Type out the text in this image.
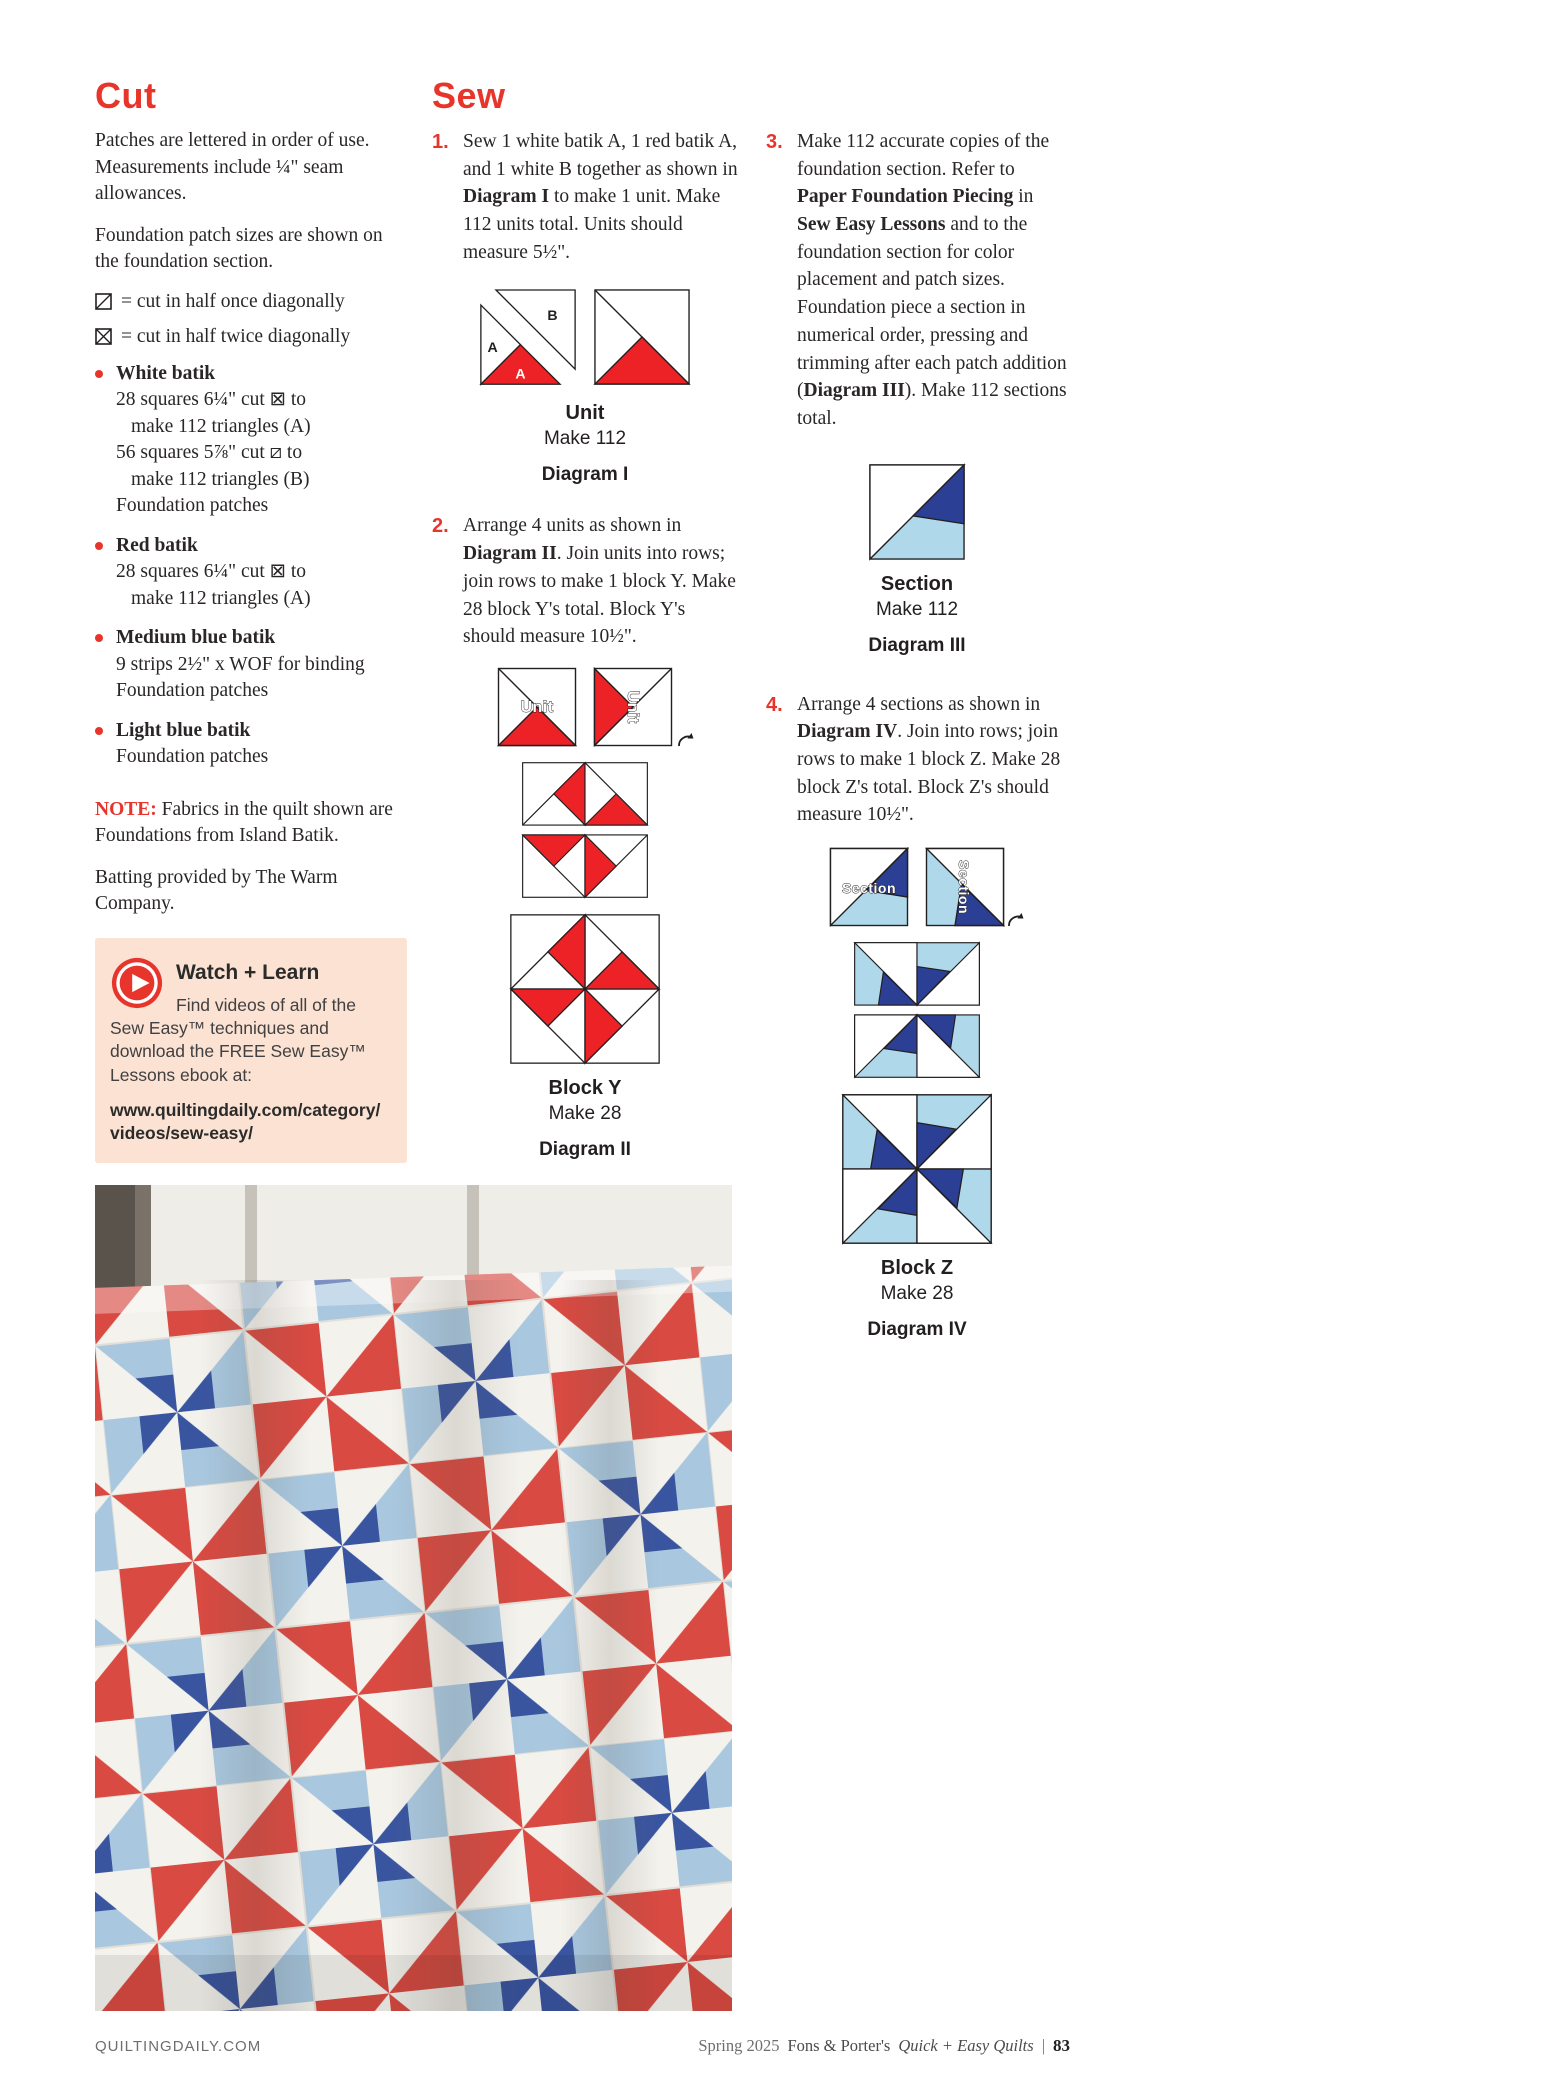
Cut

Patches are lettered in order of use. Measurements include ¼" seam allowances.

Foundation patch sizes are shown on the foundation section.

= cut in half once diagonally
= cut in half twice diagonally
White batik
28 squares 6¼" cut ⊠ to
make 112 triangles (A)
56 squares 5⅞" cut ⧄ to
make 112 triangles (B)
Foundation patches
Red batik
28 squares 6¼" cut ⊠ to
make 112 triangles (A)
Medium blue batik
9 strips 2½" x WOF for binding
Foundation patches
Light blue batik
Foundation patches

NOTE: Fabrics in the quilt shown are Foundations from Island Batik.

Batting provided by The Warm Company.

Watch + Learn

Find videos of all of the Sew Easy™ techniques and download the FREE Sew Easy™ Lessons ebook at:

www.quiltingdaily.com/category/
videos/sew-easy/
Sew
1. Sew 1 white batik A, 1 red batik A, and 1 white B together as shown in Diagram I to make 1 unit. Make 112 units total. Units should measure 5½".

A
B
A
Unit
Make 112
Diagram I
2. Arrange 4 units as shown in Diagram II. Join units into rows; join rows to make 1 block Y. Make 28 block Y's total. Block Y's should measure 10½".

Unit	Unit
Block Y
Make 28
Diagram II
3. Make 112 accurate copies of the foundation section. Refer to Paper Foundation Piecing in Sew Easy Lessons and to the foundation section for color placement and patch sizes. Foundation piece a section in numerical order, pressing and trimming after each patch addition (Diagram III). Make 112 sections total.

Section
Make 112
Diagram III
4. Arrange 4 sections as shown in Diagram IV. Join into rows; join rows to make 1 block Z. Make 28 block Z's total. Block Z's should measure 10½".

Section	Section
Block Z
Make 28
Diagram IV
QUILTINGDAILY.COM	Spring 2025 Fons & Porter's Quick + Easy Quilts | 83
